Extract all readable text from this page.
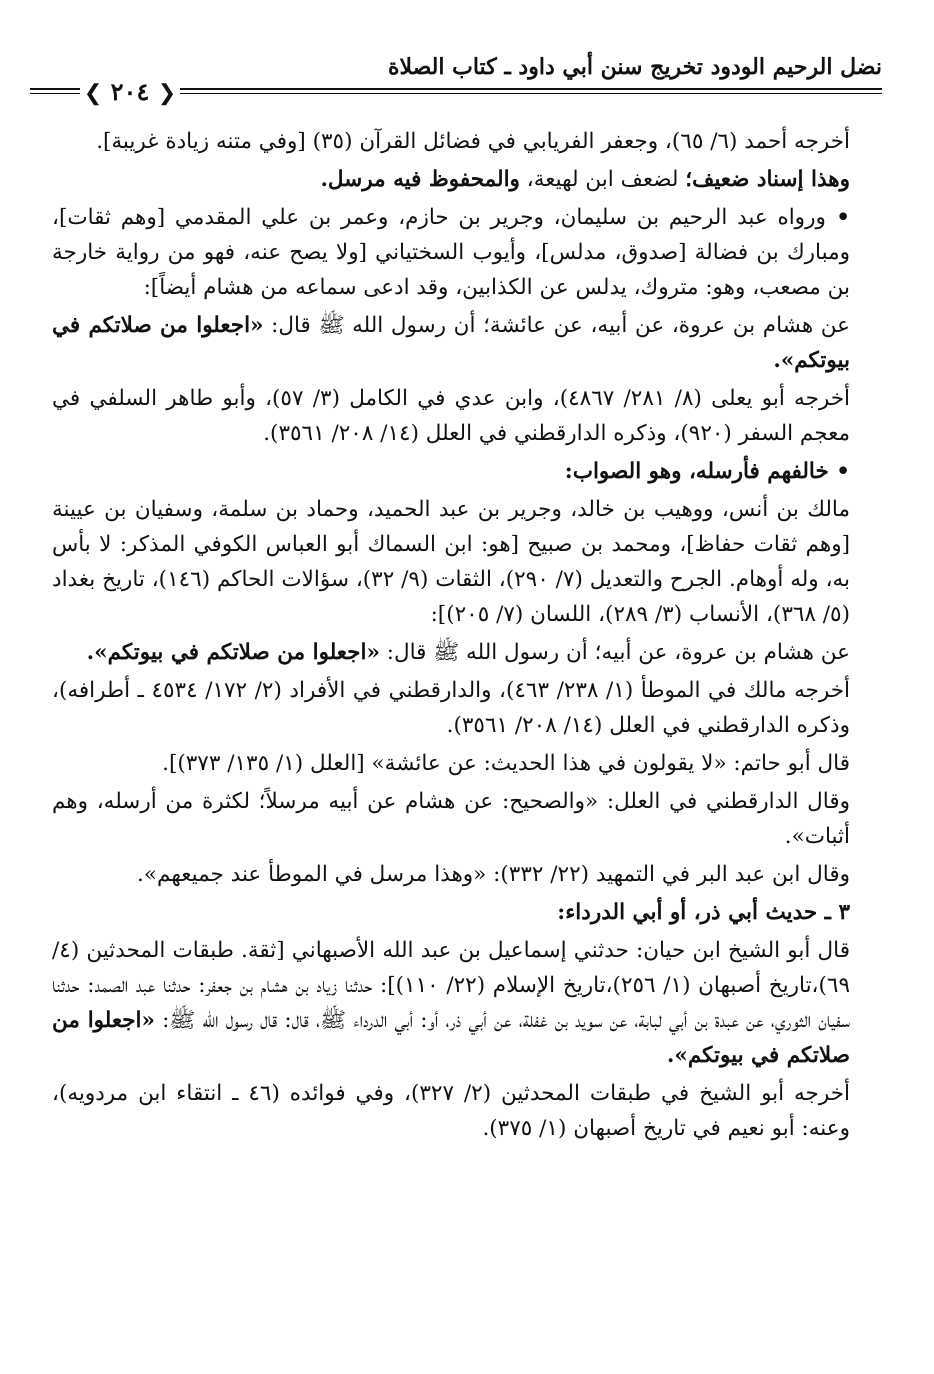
نضل الرحيم الودود تخريج سنن أبي داود ـ كتاب الصلاة
❮ ٢٠٤ ❯

أخرجه أحمد (٦/ ٦٥)، وجعفر الفريابي في فضائل القرآن (٣٥) [وفي متنه زيادة غريبة].

وهذا إسناد ضعيف؛ لضعف ابن لهيعة، والمحفوظ فيه مرسل.

• ورواه عبد الرحيم بن سليمان، وجرير بن حازم، وعمر بن علي المقدمي [وهم ثقات]، ومبارك بن فضالة [صدوق، مدلس]، وأيوب السختياني [ولا يصح عنه، فهو من رواية خارجة بن مصعب، وهو: متروك، يدلس عن الكذابين، وقد ادعى سماعه من هشام أيضاً]:

عن هشام بن عروة، عن أبيه، عن عائشة؛ أن رسول الله ﷺ قال: «اجعلوا من صلاتكم في بيوتكم».

أخرجه أبو يعلى (٨/ ٢٨١/ ٤٨٦٧)، وابن عدي في الكامل (٣/ ٥٧)، وأبو طاهر السلفي في معجم السفر (٩٢٠)، وذكره الدارقطني في العلل (١٤/ ٢٠٨/ ٣٥٦١).

• خالفهم فأرسله، وهو الصواب:

مالك بن أنس، ووهيب بن خالد، وجرير بن عبد الحميد، وحماد بن سلمة، وسفيان بن عيينة [وهم ثقات حفاظ]، ومحمد بن صبيح [هو: ابن السماك أبو العباس الكوفي المذكر: لا بأس به، وله أوهام. الجرح والتعديل (٧/ ٢٩٠)، الثقات (٩/ ٣٢)، سؤالات الحاكم (١٤٦)، تاريخ بغداد (٥/ ٣٦٨)، الأنساب (٣/ ٢٨٩)، اللسان (٧/ ٢٠٥)]:

عن هشام بن عروة، عن أبيه؛ أن رسول الله ﷺ قال: «اجعلوا من صلاتكم في بيوتكم».

أخرجه مالك في الموطأ (١/ ٢٣٨/ ٤٦٣)، والدارقطني في الأفراد (٢/ ١٧٢/ ٤٥٣٤ ـ أطرافه)، وذكره الدارقطني في العلل (١٤/ ٢٠٨/ ٣٥٦١).

قال أبو حاتم: «لا يقولون في هذا الحديث: عن عائشة» [العلل (١/ ١٣٥/ ٣٧٣)].

وقال الدارقطني في العلل: «والصحيح: عن هشام عن أبيه مرسلاً؛ لكثرة من أرسله، وهم أثبات».

وقال ابن عبد البر في التمهيد (٢٢/ ٣٣٢): «وهذا مرسل في الموطأ عند جميعهم».

٣ ـ حديث أبي ذر، أو أبي الدرداء:

قال أبو الشيخ ابن حيان: حدثني إسماعيل بن عبد الله الأصبهاني [ثقة. طبقات المحدثين (٤/ ٦٩)،تاريخ أصبهان (١/ ٢٥٦)،تاريخ الإسلام (٢٢/ ١١٠)]: حدثنا زياد بن هشام بن جعفر: حدثنا عبد الصمد: حدثنا سفيان الثوري، عن عبدة بن أبي لبابة، عن سويد بن غفلة، عن أبي ذر، أو: أبي الدرداء ﷺ، قال: قال رسول الله ﷺ: «اجعلوا من صلاتكم في بيوتكم».

أخرجه أبو الشيخ في طبقات المحدثين (٢/ ٣٢٧)، وفي فوائده (٤٦ ـ انتقاء ابن مردويه)، وعنه: أبو نعيم في تاريخ أصبهان (١/ ٣٧٥).
